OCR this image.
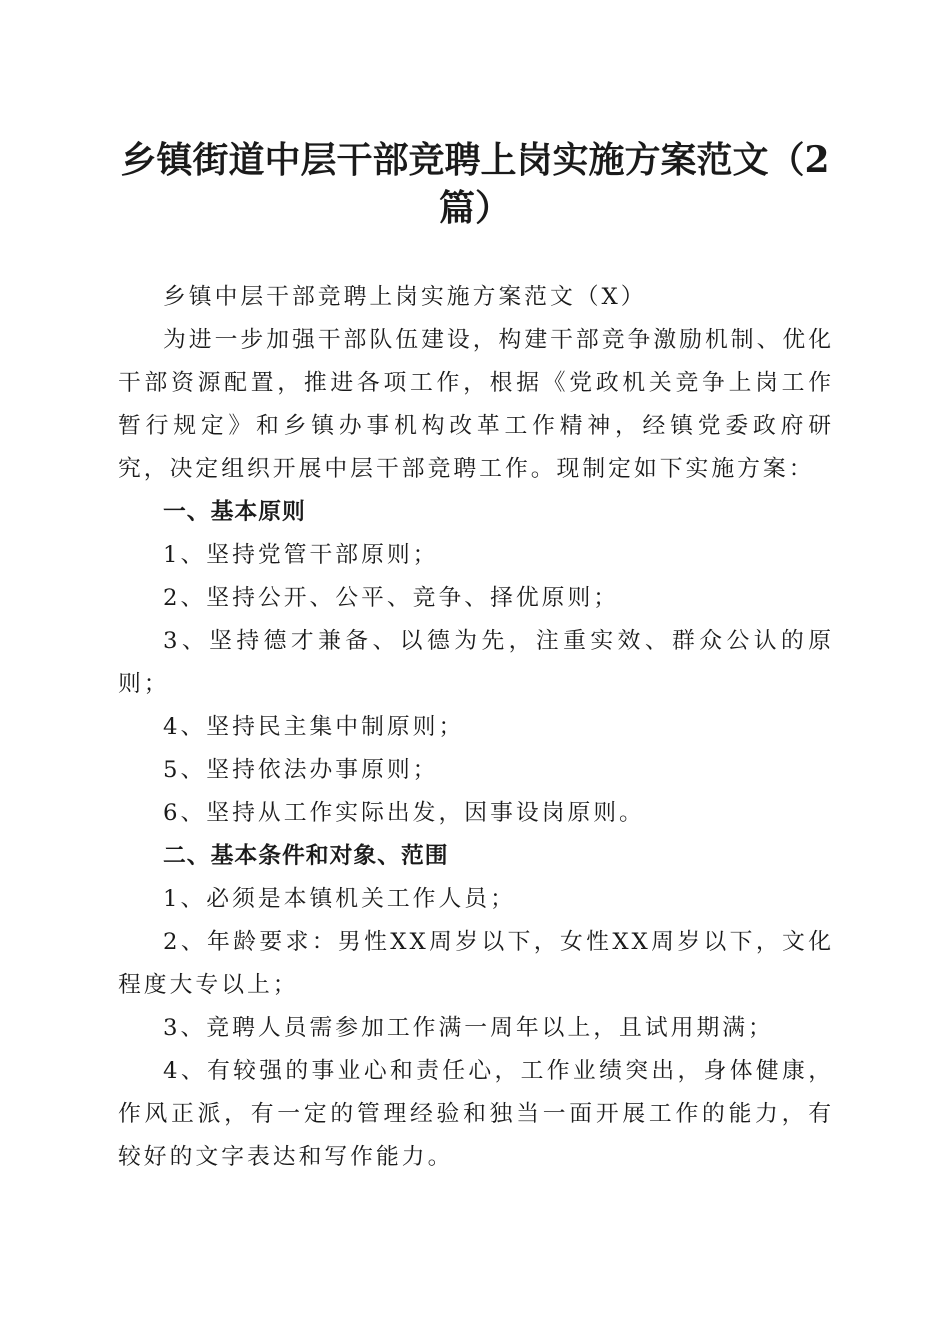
乡镇街道中层干部竞聘上岗实施方案范文（2篇）

乡镇中层干部竞聘上岗实施方案范文（X）

为进一步加强干部队伍建设，构建干部竞争激励机制、优化干部资源配置，推进各项工作，根据《党政机关竞争上岗工作暂行规定》和乡镇办事机构改革工作精神，经镇党委政府研究，决定组织开展中层干部竞聘工作。现制定如下实施方案：

一、基本原则

1、坚持党管干部原则；

2、坚持公开、公平、竞争、择优原则；

3、坚持德才兼备、以德为先，注重实效、群众公认的原则；

4、坚持民主集中制原则；

5、坚持依法办事原则；

6、坚持从工作实际出发，因事设岗原则。

二、基本条件和对象、范围

1、必须是本镇机关工作人员；

2、年龄要求：男性XX周岁以下，女性XX周岁以下，文化程度大专以上；

3、竞聘人员需参加工作满一周年以上，且试用期满；

4、有较强的事业心和责任心，工作业绩突出，身体健康，作风正派，有一定的管理经验和独当一面开展工作的能力，有较好的文字表达和写作能力。
